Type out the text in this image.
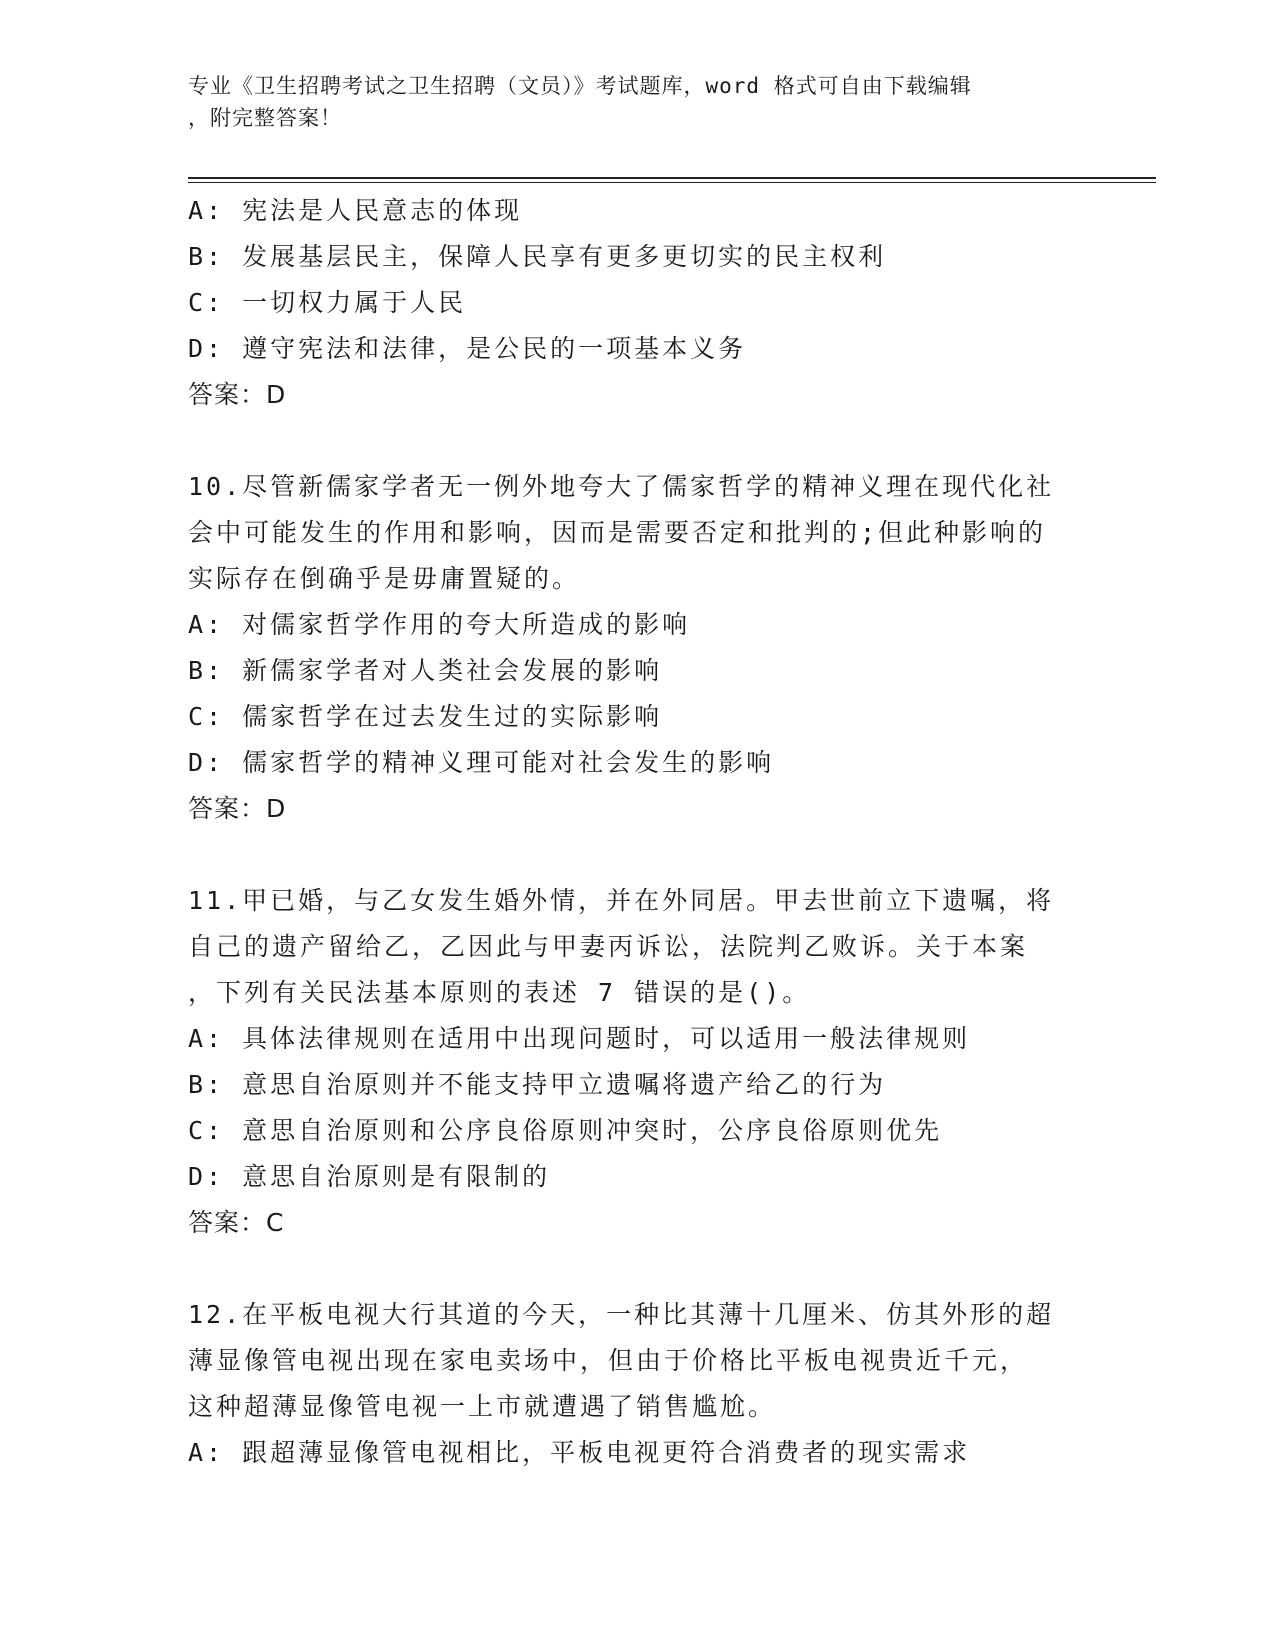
专业《卫生招聘考试之卫生招聘（文员）》考试题库，word 格式可自由下载编辑
，附完整答案！
A: 宪法是人民意志的体现
B: 发展基层民主，保障人民享有更多更切实的民主权利
C: 一切权力属于人民
D: 遵守宪法和法律，是公民的一项基本义务
答案：D
10.尽管新儒家学者无一例外地夸大了儒家哲学的精神义理在现代化社
会中可能发生的作用和影响，因而是需要否定和批判的;但此种影响的
实际存在倒确乎是毋庸置疑的。
A: 对儒家哲学作用的夸大所造成的影响
B: 新儒家学者对人类社会发展的影响
C: 儒家哲学在过去发生过的实际影响
D: 儒家哲学的精神义理可能对社会发生的影响
答案：D
11.甲已婚，与乙女发生婚外情，并在外同居。甲去世前立下遗嘱，将
自己的遗产留给乙，乙因此与甲妻丙诉讼，法院判乙败诉。关于本案
，下列有关民法基本原则的表述 7 错误的是()。
A: 具体法律规则在适用中出现问题时，可以适用一般法律规则
B: 意思自治原则并不能支持甲立遗嘱将遗产给乙的行为
C: 意思自治原则和公序良俗原则冲突时，公序良俗原则优先
D: 意思自治原则是有限制的
答案：C
12.在平板电视大行其道的今天，一种比其薄十几厘米、仿其外形的超
薄显像管电视出现在家电卖场中，但由于价格比平板电视贵近千元，
这种超薄显像管电视一上市就遭遇了销售尴尬。
A: 跟超薄显像管电视相比，平板电视更符合消费者的现实需求
